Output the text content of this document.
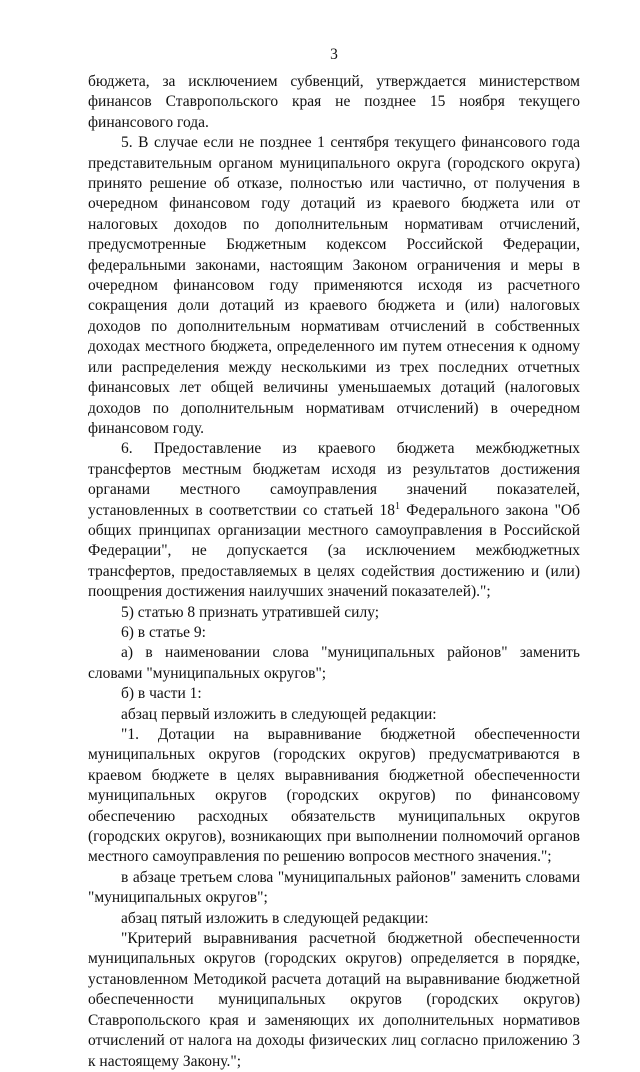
3

бюджета, за исключением субвенций, утверждается министерством финансов Ставропольского края не позднее 15 ноября текущего финансового года.

5. В случае если не позднее 1 сентября текущего финансового года представительным органом муниципального округа (городского округа) принято решение об отказе, полностью или частично, от получения в очередном финансовом году дотаций из краевого бюджета или от налоговых доходов по дополнительным нормативам отчислений, предусмотренные Бюджетным кодексом Российской Федерации, федеральными законами, настоящим Законом ограничения и меры в очередном финансовом году применяются исходя из расчетного сокращения доли дотаций из краевого бюджета и (или) налоговых доходов по дополнительным нормативам отчислений в собственных доходах местного бюджета, определенного им путем отнесения к одному или распределения между несколькими из трех последних отчетных финансовых лет общей величины уменьшаемых дотаций (налоговых доходов по дополнительным нормативам отчислений) в очередном финансовом году.

6. Предоставление из краевого бюджета межбюджетных трансфертов местным бюджетам исходя из результатов достижения органами местного самоуправления значений показателей, установленных в соответствии со статьей $18^1$ Федерального закона "Об общих принципах организации местного самоуправления в Российской Федерации", не допускается (за исключением межбюджетных трансфертов, предоставляемых в целях содействия достижению и (или) поощрения достижения наилучших значений показателей).";

5) статью 8 признать утратившей силу;

6) в статье 9:

а) в наименовании слова "муниципальных районов" заменить словами "муниципальных округов";

б) в части 1:

абзац первый изложить в следующей редакции:

"1. Дотации на выравнивание бюджетной обеспеченности муниципальных округов (городских округов) предусматриваются в краевом бюджете в целях выравнивания бюджетной обеспеченности муниципальных округов (городских округов) по финансовому обеспечению расходных обязательств муниципальных округов (городских округов), возникающих при выполнении полномочий органов местного самоуправления по решению вопросов местного значения.";

в абзаце третьем слова "муниципальных районов" заменить словами "муниципальных округов";

абзац пятый изложить в следующей редакции:

"Критерий выравнивания расчетной бюджетной обеспеченности муниципальных округов (городских округов) определяется в порядке, установленном Методикой расчета дотаций на выравнивание бюджетной обеспеченности муниципальных округов (городских округов) Ставропольского края и заменяющих их дополнительных нормативов отчислений от налога на доходы физических лиц согласно приложению 3 к настоящему Закону.";
